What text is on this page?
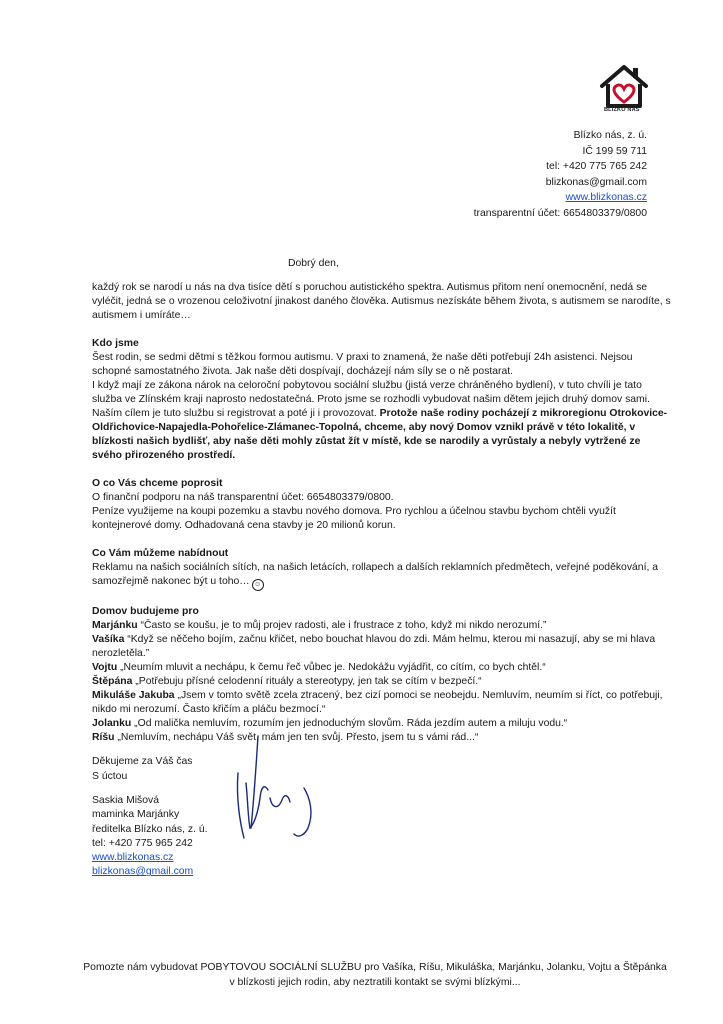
BLÍZKO NÁS
Blízko nás, z. ú.
IČ 199 59 711
tel: +420 775 765 242
blizkonas@gmail.com
www.blizkonas.cz
transparentní účet: 6654803379/0800
Dobrý den,

každý rok se narodí u nás na dva tisíce dětí s poruchou autistického spektra. Autismus přitom není onemocnění, nedá se vyléčit, jedná se o vrozenou celoživotní jinakost daného člověka. Autismus nezískáte během života, s autismem se narodíte, s autismem i umíráte…

Kdo jsme

Šest rodin, se sedmi dětmi s těžkou formou autismu. V praxi to znamená, že naše děti potřebují 24h asistenci. Nejsou schopné samostatného života. Jak naše děti dospívají, docházejí nám síly se o ně postarat.

I když mají ze zákona nárok na celoroční pobytovou sociální službu (jistá verze chráněného bydlení), v tuto chvíli je tato služba ve Zlínském kraji naprosto nedostatečná. Proto jsme se rozhodli vybudovat našim dětem jejich druhý domov sami.

Naším cílem je tuto službu si registrovat a poté ji i provozovat. Protože naše rodiny pocházejí z mikroregionu Otrokovice-Oldřichovice-Napajedla-Pohořelice-Zlámanec-Topolná, chceme, aby nový Domov vznikl právě v této lokalitě, v blízkosti našich bydlišť, aby naše děti mohly zůstat žít v místě, kde se narodily a vyrůstaly a nebyly vytržené ze svého přirozeného prostředí.

O co Vás chceme poprosit

O finanční podporu na náš transparentní účet: 6654803379/0800.

Peníze využijeme na koupi pozemku a stavbu nového domova. Pro rychlou a účelnou stavbu bychom chtěli využít kontejnerové domy. Odhadovaná cena stavby je 20 milionů korun.

Co Vám můžeme nabídnout

Reklamu na našich sociálních sítích, na našich letácích, rollapech a dalších reklamních předmětech, veřejné poděkování, a samozřejmě nakonec být u toho… ☺

Domov budujeme pro

Marjánku “Často se koušu, je to můj projev radosti, ale i frustrace z toho, když mi nikdo nerozumí.”

Vašíka “Když se něčeho bojím, začnu křičet, nebo bouchat hlavou do zdi. Mám helmu, kterou mi nasazují, aby se mi hlava nerozletěla.”

Vojtu „Neumím mluvit a nechápu, k čemu řeč vůbec je. Nedokážu vyjádřit, co cítím, co bych chtěl.“

Štěpána „Potřebuju přísné celodenní rituály a stereotypy, jen tak se cítím v bezpečí.“

Mikuláše Jakuba „Jsem v tomto světě zcela ztracený, bez cizí pomoci se neobejdu. Nemluvím, neumím si říct, co potřebuji, nikdo mi nerozumí. Často křičím a pláču bezmocí.“

Jolanku „Od malička nemluvím, rozumím jen jednoduchým slovům. Ráda jezdím autem a miluju vodu.“

Ríšu „Nemluvím, nechápu Váš svět, mám jen ten svůj. Přesto, jsem tu s vámi rád...“

Děkujeme za Váš čas
S úctou
Saskia Mišová
maminka Marjánky
ředitelka Blízko nás, z. ú.
tel: +420 775 965 242
www.blizkonas.cz
blizkonas@gmail.com
Pomozte nám vybudovat POBYTOVOU SOCIÁLNÍ SLUŽBU pro Vašíka, Ríšu, Mikuláška, Marjánku, Jolanku, Vojtu a Štěpánka v blízkosti jejich rodin, aby neztratili kontakt se svými blízkými...
